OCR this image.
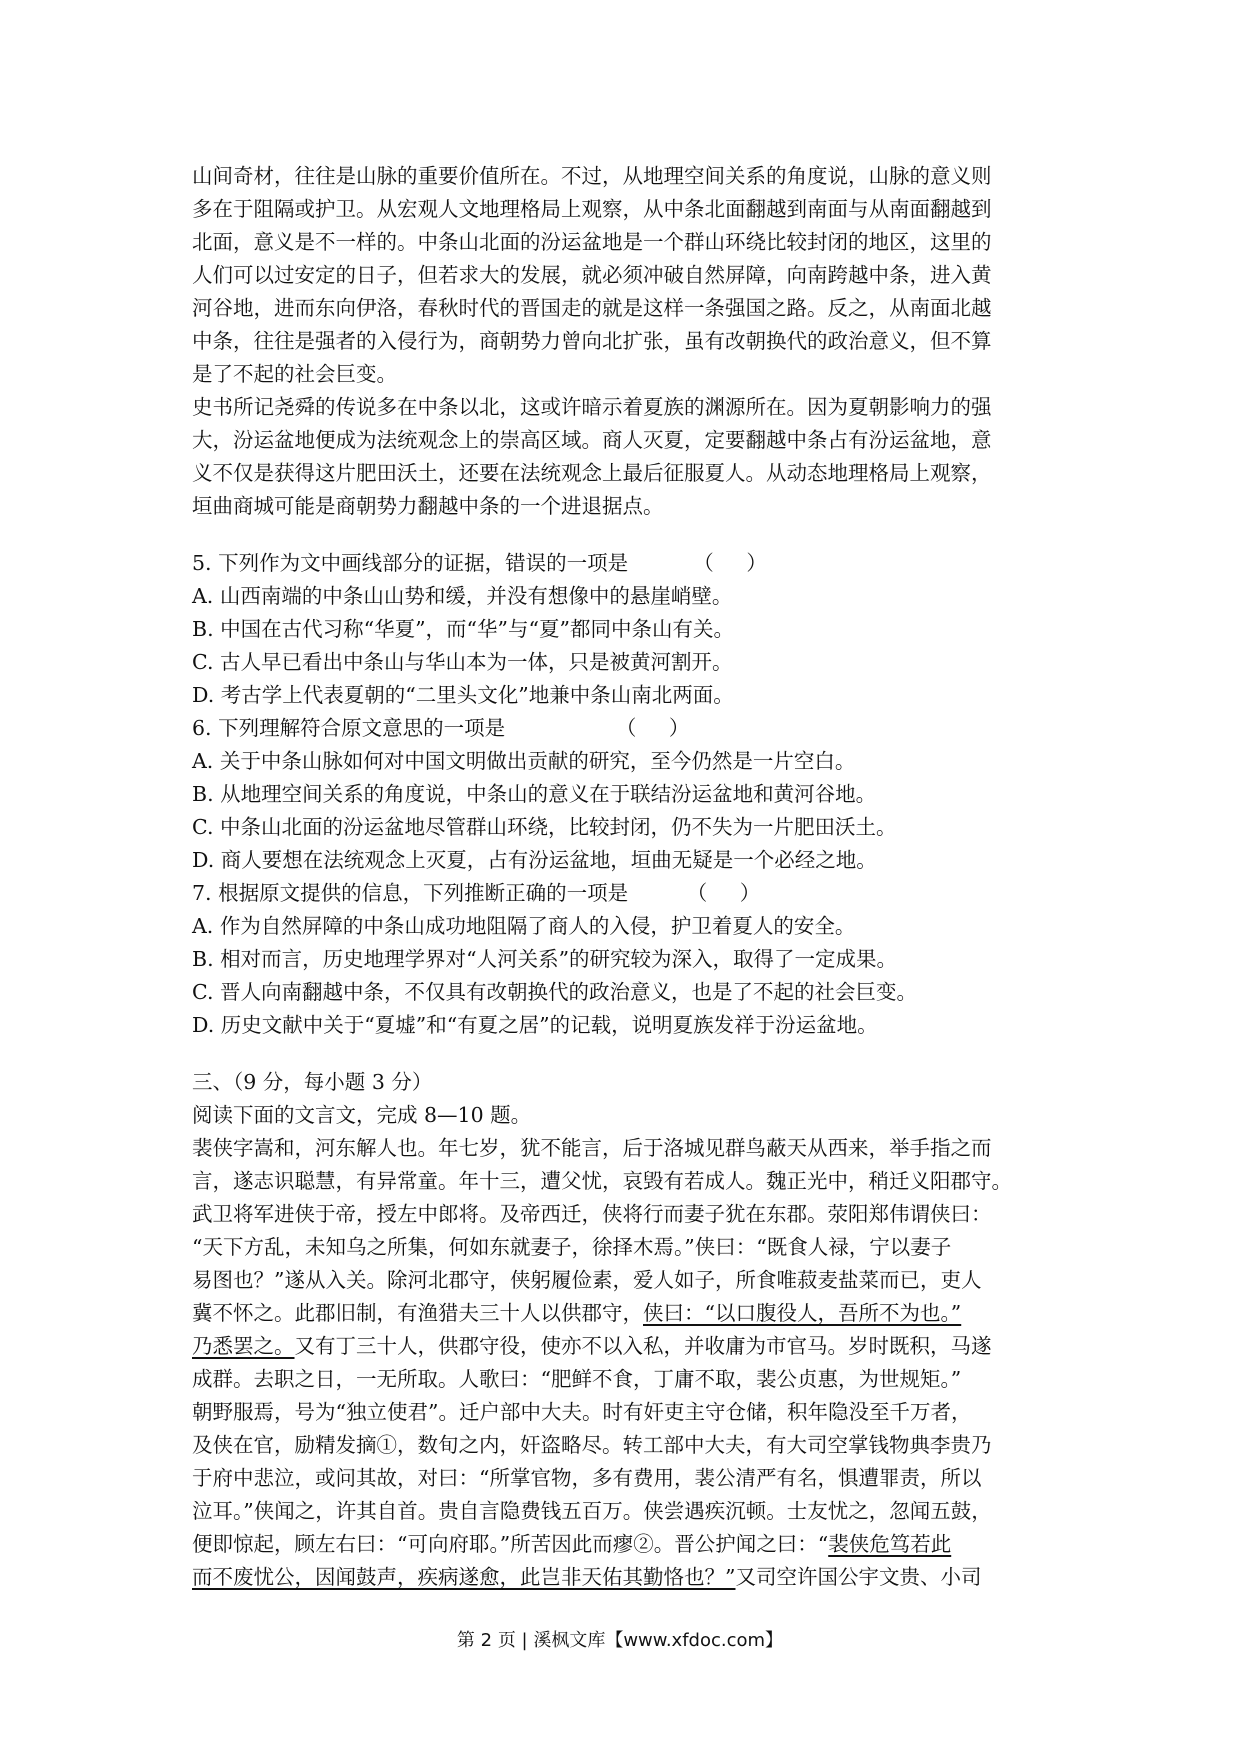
山间奇材，往往是山脉的重要价值所在。不过，从地理空间关系的角度说，山脉的意义则
多在于阻隔或护卫。从宏观人文地理格局上观察，从中条北面翻越到南面与从南面翻越到
北面，意义是不一样的。中条山北面的汾运盆地是一个群山环绕比较封闭的地区，这里的
人们可以过安定的日子，但若求大的发展，就必须冲破自然屏障，向南跨越中条，进入黄
河谷地，进而东向伊洛，春秋时代的晋国走的就是这样一条强国之路。反之，从南面北越
中条，往往是强者的入侵行为，商朝势力曾向北扩张，虽有改朝换代的政治意义，但不算
是了不起的社会巨变。
史书所记尧舜的传说多在中条以北，这或许暗示着夏族的渊源所在。因为夏朝影响力的强
大，汾运盆地便成为法统观念上的崇高区域。商人灭夏，定要翻越中条占有汾运盆地，意
义不仅是获得这片肥田沃土，还要在法统观念上最后征服夏人。从动态地理格局上观察，
垣曲商城可能是商朝势力翻越中条的一个进退据点。
5. 下列作为文中画线部分的证据，错误的一项是          （     ）
A. 山西南端的中条山山势和缓，并没有想像中的悬崖峭壁。
B. 中国在古代习称“华夏”，而“华”与“夏”都同中条山有关。
C. 古人早已看出中条山与华山本为一体，只是被黄河割开。
D. 考古学上代表夏朝的“二里头文化”地兼中条山南北两面。
6. 下列理解符合原文意思的一项是                 （     ）
A. 关于中条山脉如何对中国文明做出贡献的研究，至今仍然是一片空白。
B. 从地理空间关系的角度说，中条山的意义在于联结汾运盆地和黄河谷地。
C. 中条山北面的汾运盆地尽管群山环绕，比较封闭，仍不失为一片肥田沃土。
D. 商人要想在法统观念上灭夏，占有汾运盆地，垣曲无疑是一个必经之地。
7. 根据原文提供的信息，下列推断正确的一项是         （     ）
A. 作为自然屏障的中条山成功地阻隔了商人的入侵，护卫着夏人的安全。
B. 相对而言，历史地理学界对“人河关系”的研究较为深入，取得了一定成果。
C. 晋人向南翻越中条，不仅具有改朝换代的政治意义，也是了不起的社会巨变。
D. 历史文献中关于“夏墟”和“有夏之居”的记载，说明夏族发祥于汾运盆地。
三、（9 分，每小题 3 分）
阅读下面的文言文，完成 8—10 题。
裴侠字嵩和，河东解人也。年七岁，犹不能言，后于洛城见群鸟蔽天从西来，举手指之而
言，遂志识聪慧，有异常童。年十三，遭父忧，哀毁有若成人。魏正光中，稍迁义阳郡守。
武卫将军进侠于帝，授左中郎将。及帝西迁，侠将行而妻子犹在东郡。荥阳郑伟谓侠曰：
“天下方乱，未知乌之所集，何如东就妻子，徐择木焉。”侠曰：“既食人禄，宁以妻子
易图也？”遂从入关。除河北郡守，侠躬履俭素，爱人如子，所食唯菽麦盐菜而已，吏人
冀不怀之。此郡旧制，有渔猎夫三十人以供郡守，侠曰：“以口腹役人，吾所不为也。”
乃悉罢之。又有丁三十人，供郡守役，使亦不以入私，并收庸为市官马。岁时既积，马遂
成群。去职之日，一无所取。人歌曰：“肥鲜不食，丁庸不取，裴公贞惠，为世规矩。”
朝野服焉，号为“独立使君”。迁户部中大夫。时有奸吏主守仓储，积年隐没至千万者，
及侠在官，励精发摘①，数旬之内，奸盗略尽。转工部中大夫，有大司空掌钱物典李贵乃
于府中悲泣，或问其故，对曰：“所掌官物，多有费用，裴公清严有名，惧遭罪责，所以
泣耳。”侠闻之，许其自首。贵自言隐费钱五百万。侠尝遇疾沉顿。士友忧之，忽闻五鼓，
便即惊起，顾左右曰：“可向府耶。”所苦因此而瘳②。晋公护闻之曰：“裴侠危笃若此
而不废忧公，因闻鼓声，疾病遂愈，此岂非天佑其勤恪也？”又司空许国公宇文贵、小司
第 2 页 | 溪枫文库【www.xfdoc.com】
